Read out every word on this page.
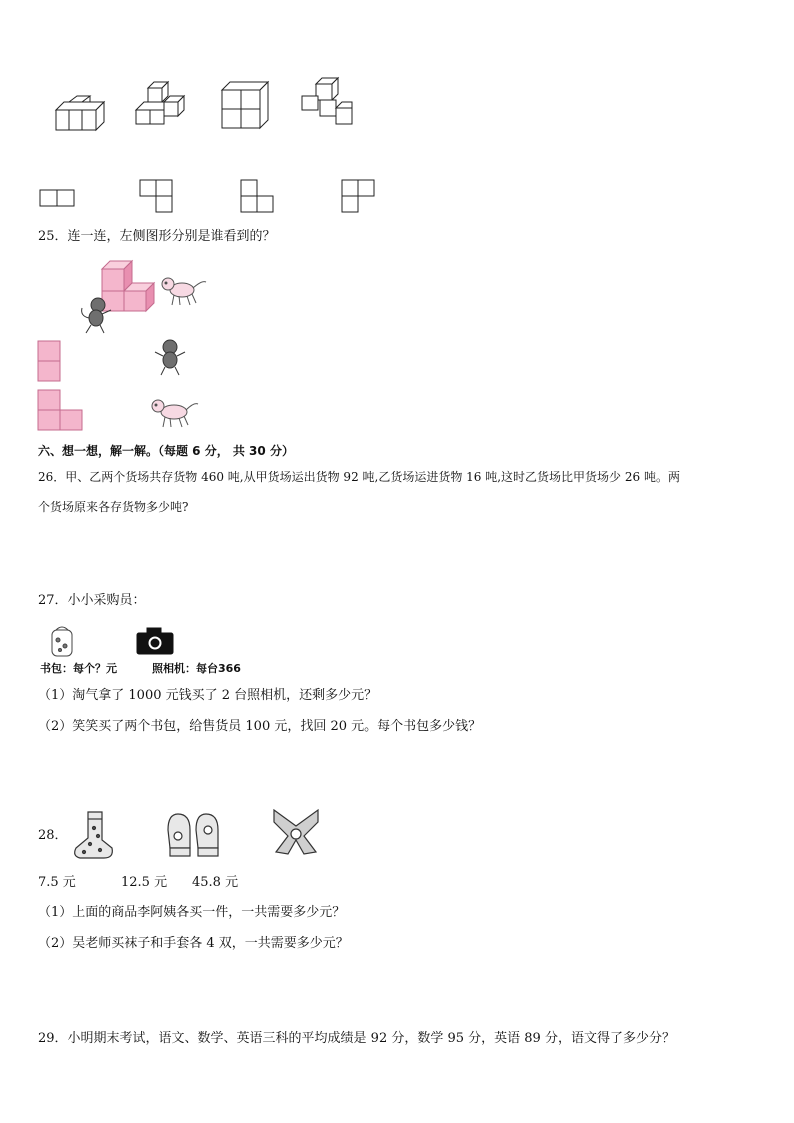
25．连一连，左侧图形分别是谁看到的？
六、想一想，解一解。（每题 6 分， 共 30 分）
26．甲、乙两个货场共存货物 460 吨,从甲货场运出货物 92 吨,乙货场运进货物 16 吨,这时乙货场比甲货场少 26 吨。两
个货场原来各存货物多少吨?
27．小小采购员：
书包：每个？元	照相机：每台366
（1）淘气拿了 1000 元钱买了 2 台照相机，还剩多少元？
（2）笑笑买了两个书包，给售货员 100 元，找回 20 元。每个书包多少钱？
28．
7.5 元	12.5 元 45.8 元
（1）上面的商品李阿姨各买一件，一共需要多少元？
（2）吴老师买袜子和手套各 4 双，一共需要多少元？
29．小明期末考试，语文、数学、英语三科的平均成绩是 92 分，数学 95 分，英语 89 分，语文得了多少分？
